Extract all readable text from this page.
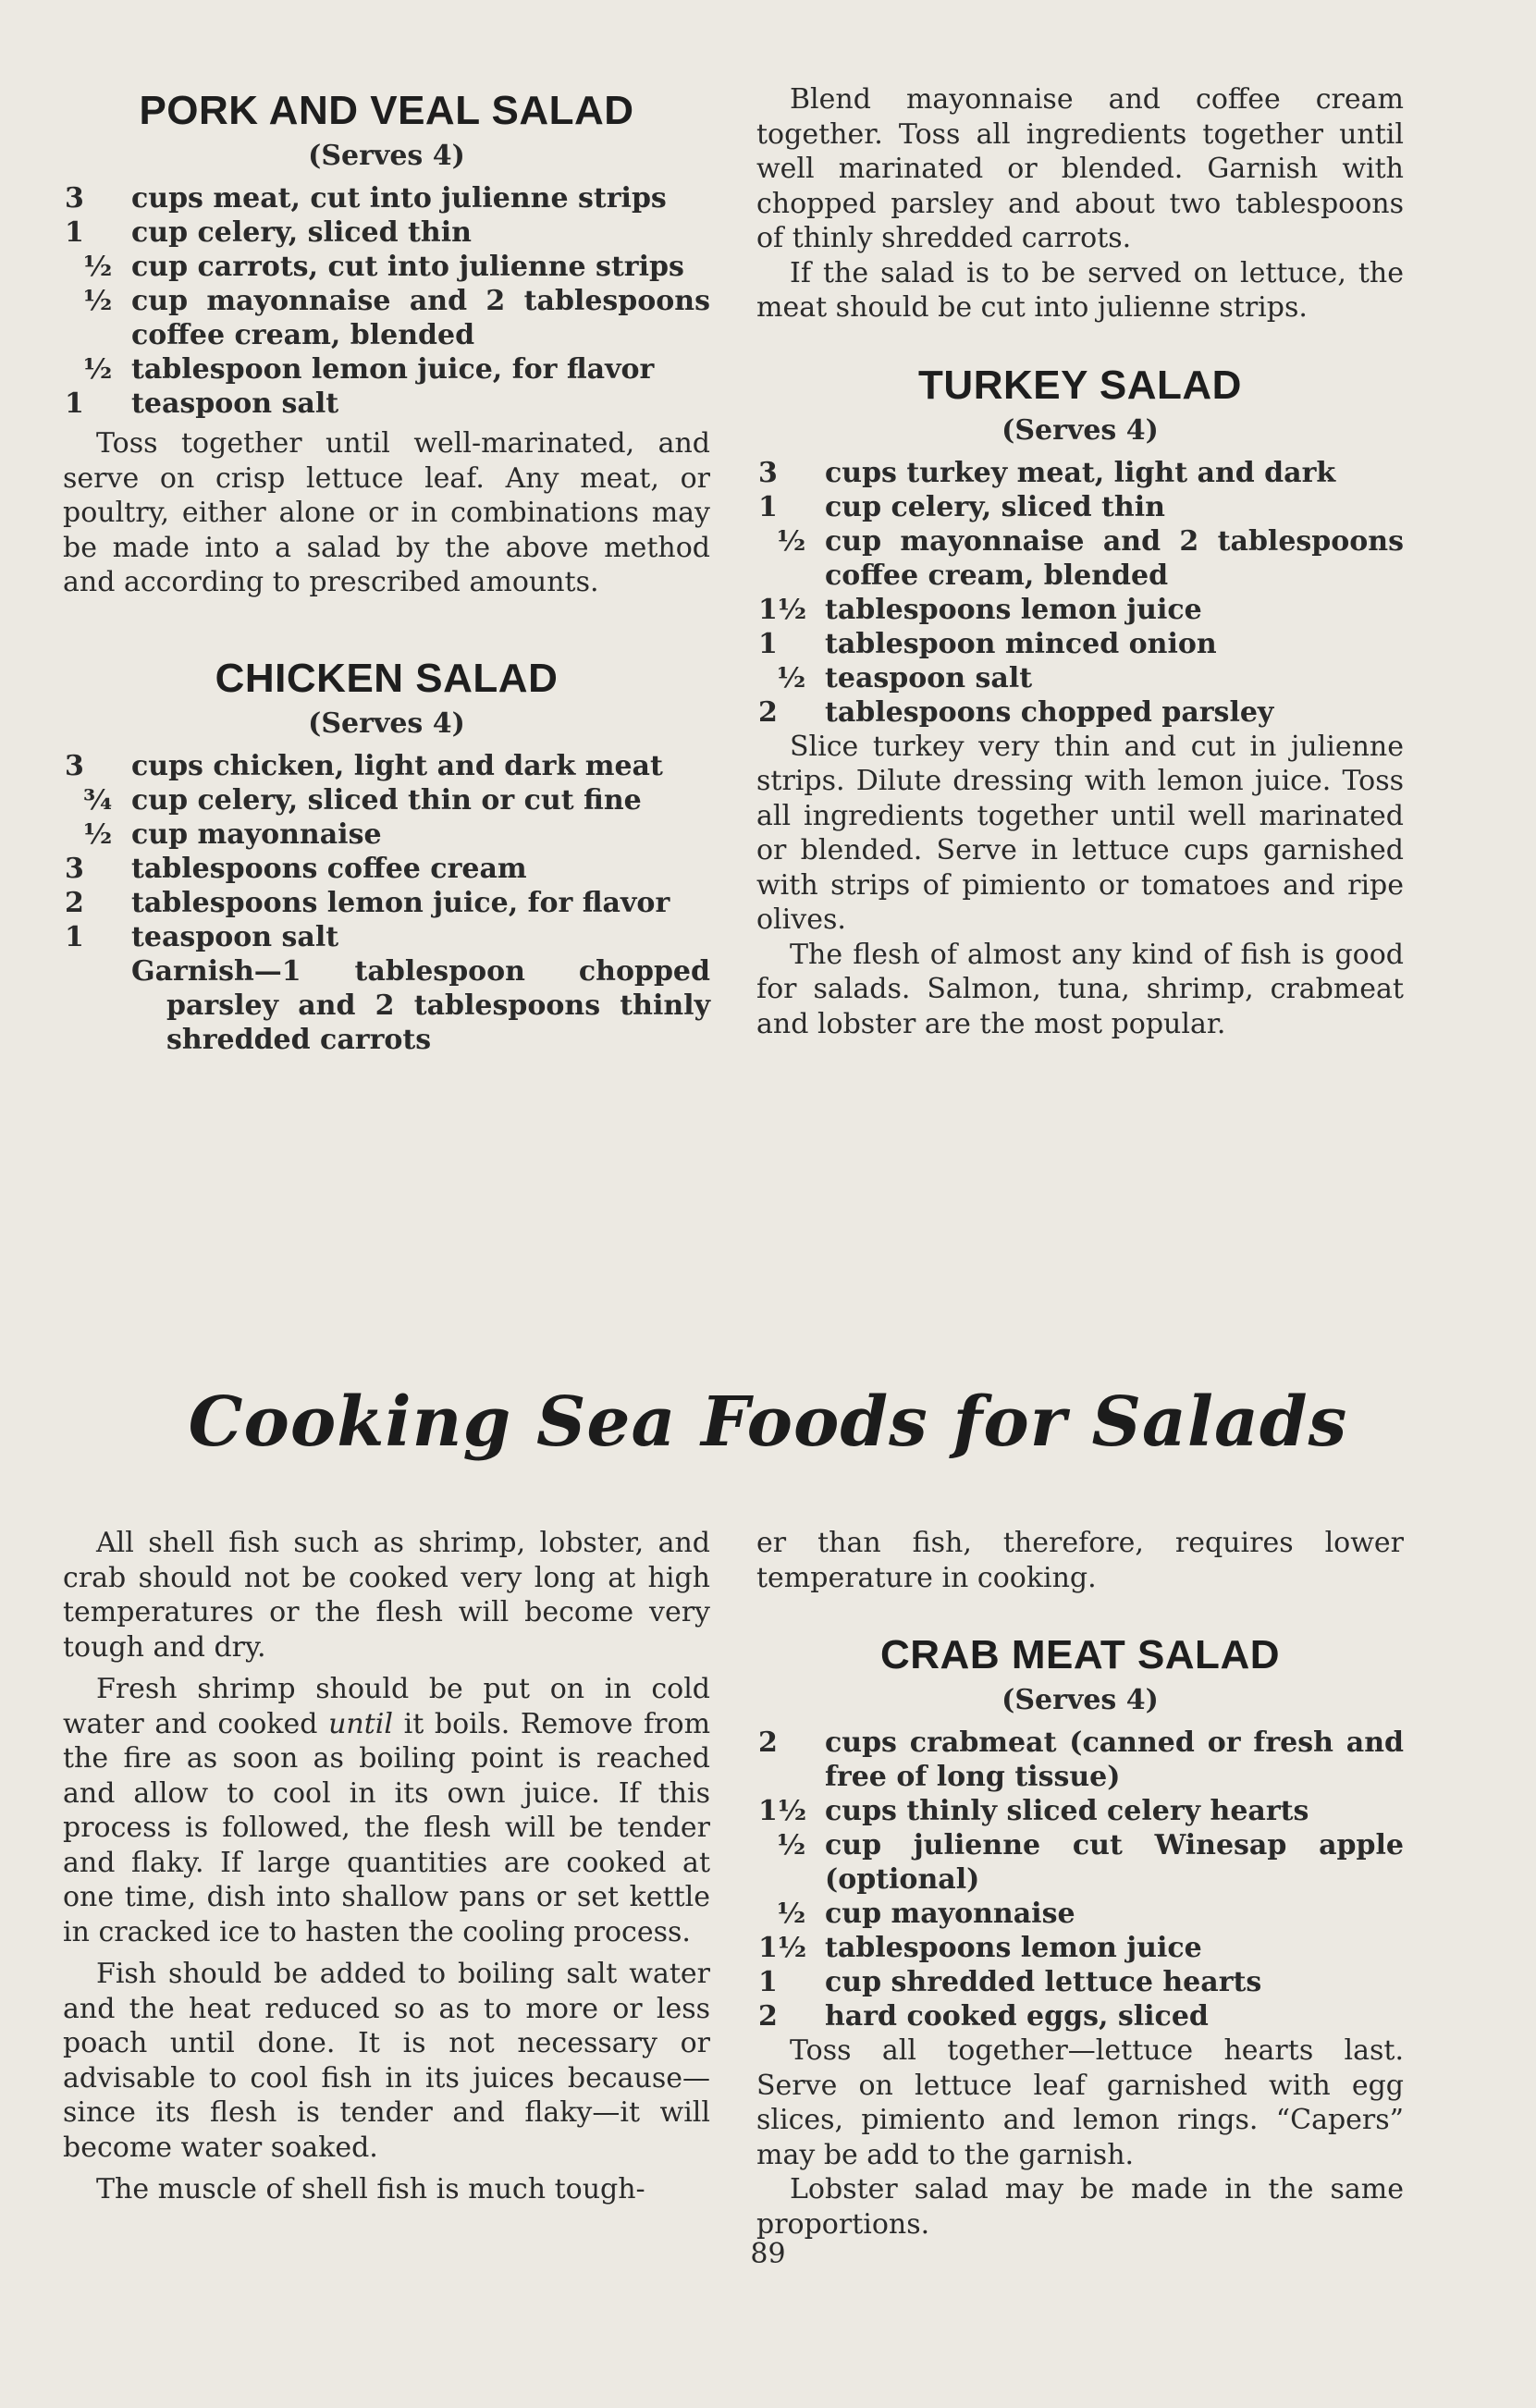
PORK AND VEAL SALAD
(Serves 4)
3	cups meat, cut into julienne strips
1	cup celery, sliced thin
½ cup carrots, cut into julienne strips
½ cup mayonnaise and 2 tablespoons coffee cream, blended
½ tablespoon lemon juice, for flavor
1	teaspoon salt

Toss together until well-marinated, and serve on crisp lettuce leaf. Any meat, or poultry, either alone or in combinations may be made into a salad by the above method and according to prescribed amounts.

CHICKEN SALAD
(Serves 4)
3	cups chicken, light and dark meat
¾ cup celery, sliced thin or cut fine
½ cup mayonnaise
3	tablespoons coffee cream
2	tablespoons lemon juice, for flavor
1	teaspoon salt
Garnish—1 tablespoon chopped parsley and 2 tablespoons thinly shredded carrots

Blend mayonnaise and coffee cream together. Toss all ingredients together until well marinated or blended. Garnish with chopped parsley and about two tablespoons of thinly shredded carrots.

If the salad is to be served on lettuce, the meat should be cut into julienne strips.

TURKEY SALAD
(Serves 4)
3	cups turkey meat, light and dark
1	cup celery, sliced thin
½ cup mayonnaise and 2 tablespoons coffee cream, blended
1½ tablespoons lemon juice
1	tablespoon minced onion
½ teaspoon salt
2	tablespoons chopped parsley

Slice turkey very thin and cut in julienne strips. Dilute dressing with lemon juice. Toss all ingredients together until well marinated or blended. Serve in lettuce cups garnished with strips of pimiento or tomatoes and ripe olives.

The flesh of almost any kind of fish is good for salads. Salmon, tuna, shrimp, crabmeat and lobster are the most popular.

Cooking Sea Foods for Salads

All shell fish such as shrimp, lobster, and crab should not be cooked very long at high temperatures or the flesh will become very tough and dry.

Fresh shrimp should be put on in cold water and cooked until it boils. Remove from the fire as soon as boiling point is reached and allow to cool in its own juice. If this process is followed, the flesh will be tender and flaky. If large quantities are cooked at one time, dish into shallow pans or set kettle in cracked ice to hasten the cooling process.

Fish should be added to boiling salt water and the heat reduced so as to more or less poach until done. It is not necessary or advisable to cool fish in its juices because—since its flesh is tender and flaky—it will become water soaked.

The muscle of shell fish is much tough-

er than fish, therefore, requires lower temperature in cooking.

CRAB MEAT SALAD
(Serves 4)
2	cups crabmeat (canned or fresh and free of long tissue)
1½ cups thinly sliced celery hearts
½ cup julienne cut Winesap apple (optional)
½ cup mayonnaise
1½ tablespoons lemon juice
1	cup shredded lettuce hearts
2	hard cooked eggs, sliced

Toss all together—lettuce hearts last. Serve on lettuce leaf garnished with egg slices, pimiento and lemon rings. “Capers” may be add to the garnish.

Lobster salad may be made in the same proportions.

89
